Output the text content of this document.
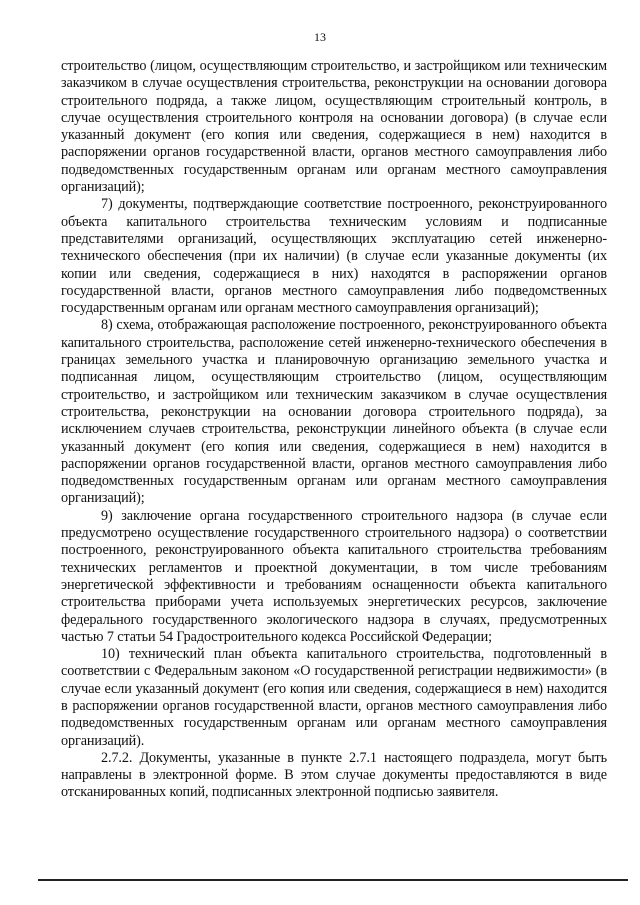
13

строительство (лицом, осуществляющим строительство, и застройщиком или техническим заказчиком в случае осуществления строительства, реконструкции на основании договора строительного подряда, а также лицом, осуществляющим строительный контроль, в случае осуществления строительного контроля на основании договора) (в случае если указанный документ (его копия или сведения, содержащиеся в нем) находится в распоряжении органов государственной власти, органов местного самоуправления либо подведомственных государственным органам или органам местного самоуправления организаций);

7) документы, подтверждающие соответствие построенного, реконструированного объекта капитального строительства техническим условиям и подписанные представителями организаций, осуществляющих эксплуатацию сетей инженерно-технического обеспечения (при их наличии) (в случае если указанные документы (их копии или сведения, содержащиеся в них) находятся в распоряжении органов государственной власти, органов местного самоуправления либо подведомственных государственным органам или органам местного самоуправления организаций);

8) схема, отображающая расположение построенного, реконструированного объекта капитального строительства, расположение сетей инженерно-технического обеспечения в границах земельного участка и планировочную организацию земельного участка и подписанная лицом, осуществляющим строительство (лицом, осуществляющим строительство, и застройщиком или техническим заказчиком в случае осуществления строительства, реконструкции на основании договора строительного подряда), за исключением случаев строительства, реконструкции линейного объекта (в случае если указанный документ (его копия или сведения, содержащиеся в нем) находится в распоряжении органов государственной власти, органов местного самоуправления либо подведомственных государственным органам или органам местного самоуправления организаций);

9) заключение органа государственного строительного надзора (в случае если предусмотрено осуществление государственного строительного надзора) о соответствии построенного, реконструированного объекта капитального строительства требованиям технических регламентов и проектной документации, в том числе требованиям энергетической эффективности и требованиям оснащенности объекта капитального строительства приборами учета используемых энергетических ресурсов, заключение федерального государственного экологического надзора в случаях, предусмотренных частью 7 статьи 54 Градостроительного кодекса Российской Федерации;

10) технический план объекта капитального строительства, подготовленный в соответствии с Федеральным законом «О государственной регистрации недвижимости» (в случае если указанный документ (его копия или сведения, содержащиеся в нем) находится в распоряжении органов государственной власти, органов местного самоуправления либо подведомственных государственным органам или органам местного самоуправления организаций).

2.7.2. Документы, указанные в пункте 2.7.1 настоящего подраздела, могут быть направлены в электронной форме. В этом случае документы предоставляются в виде отсканированных копий, подписанных электронной подписью заявителя.
